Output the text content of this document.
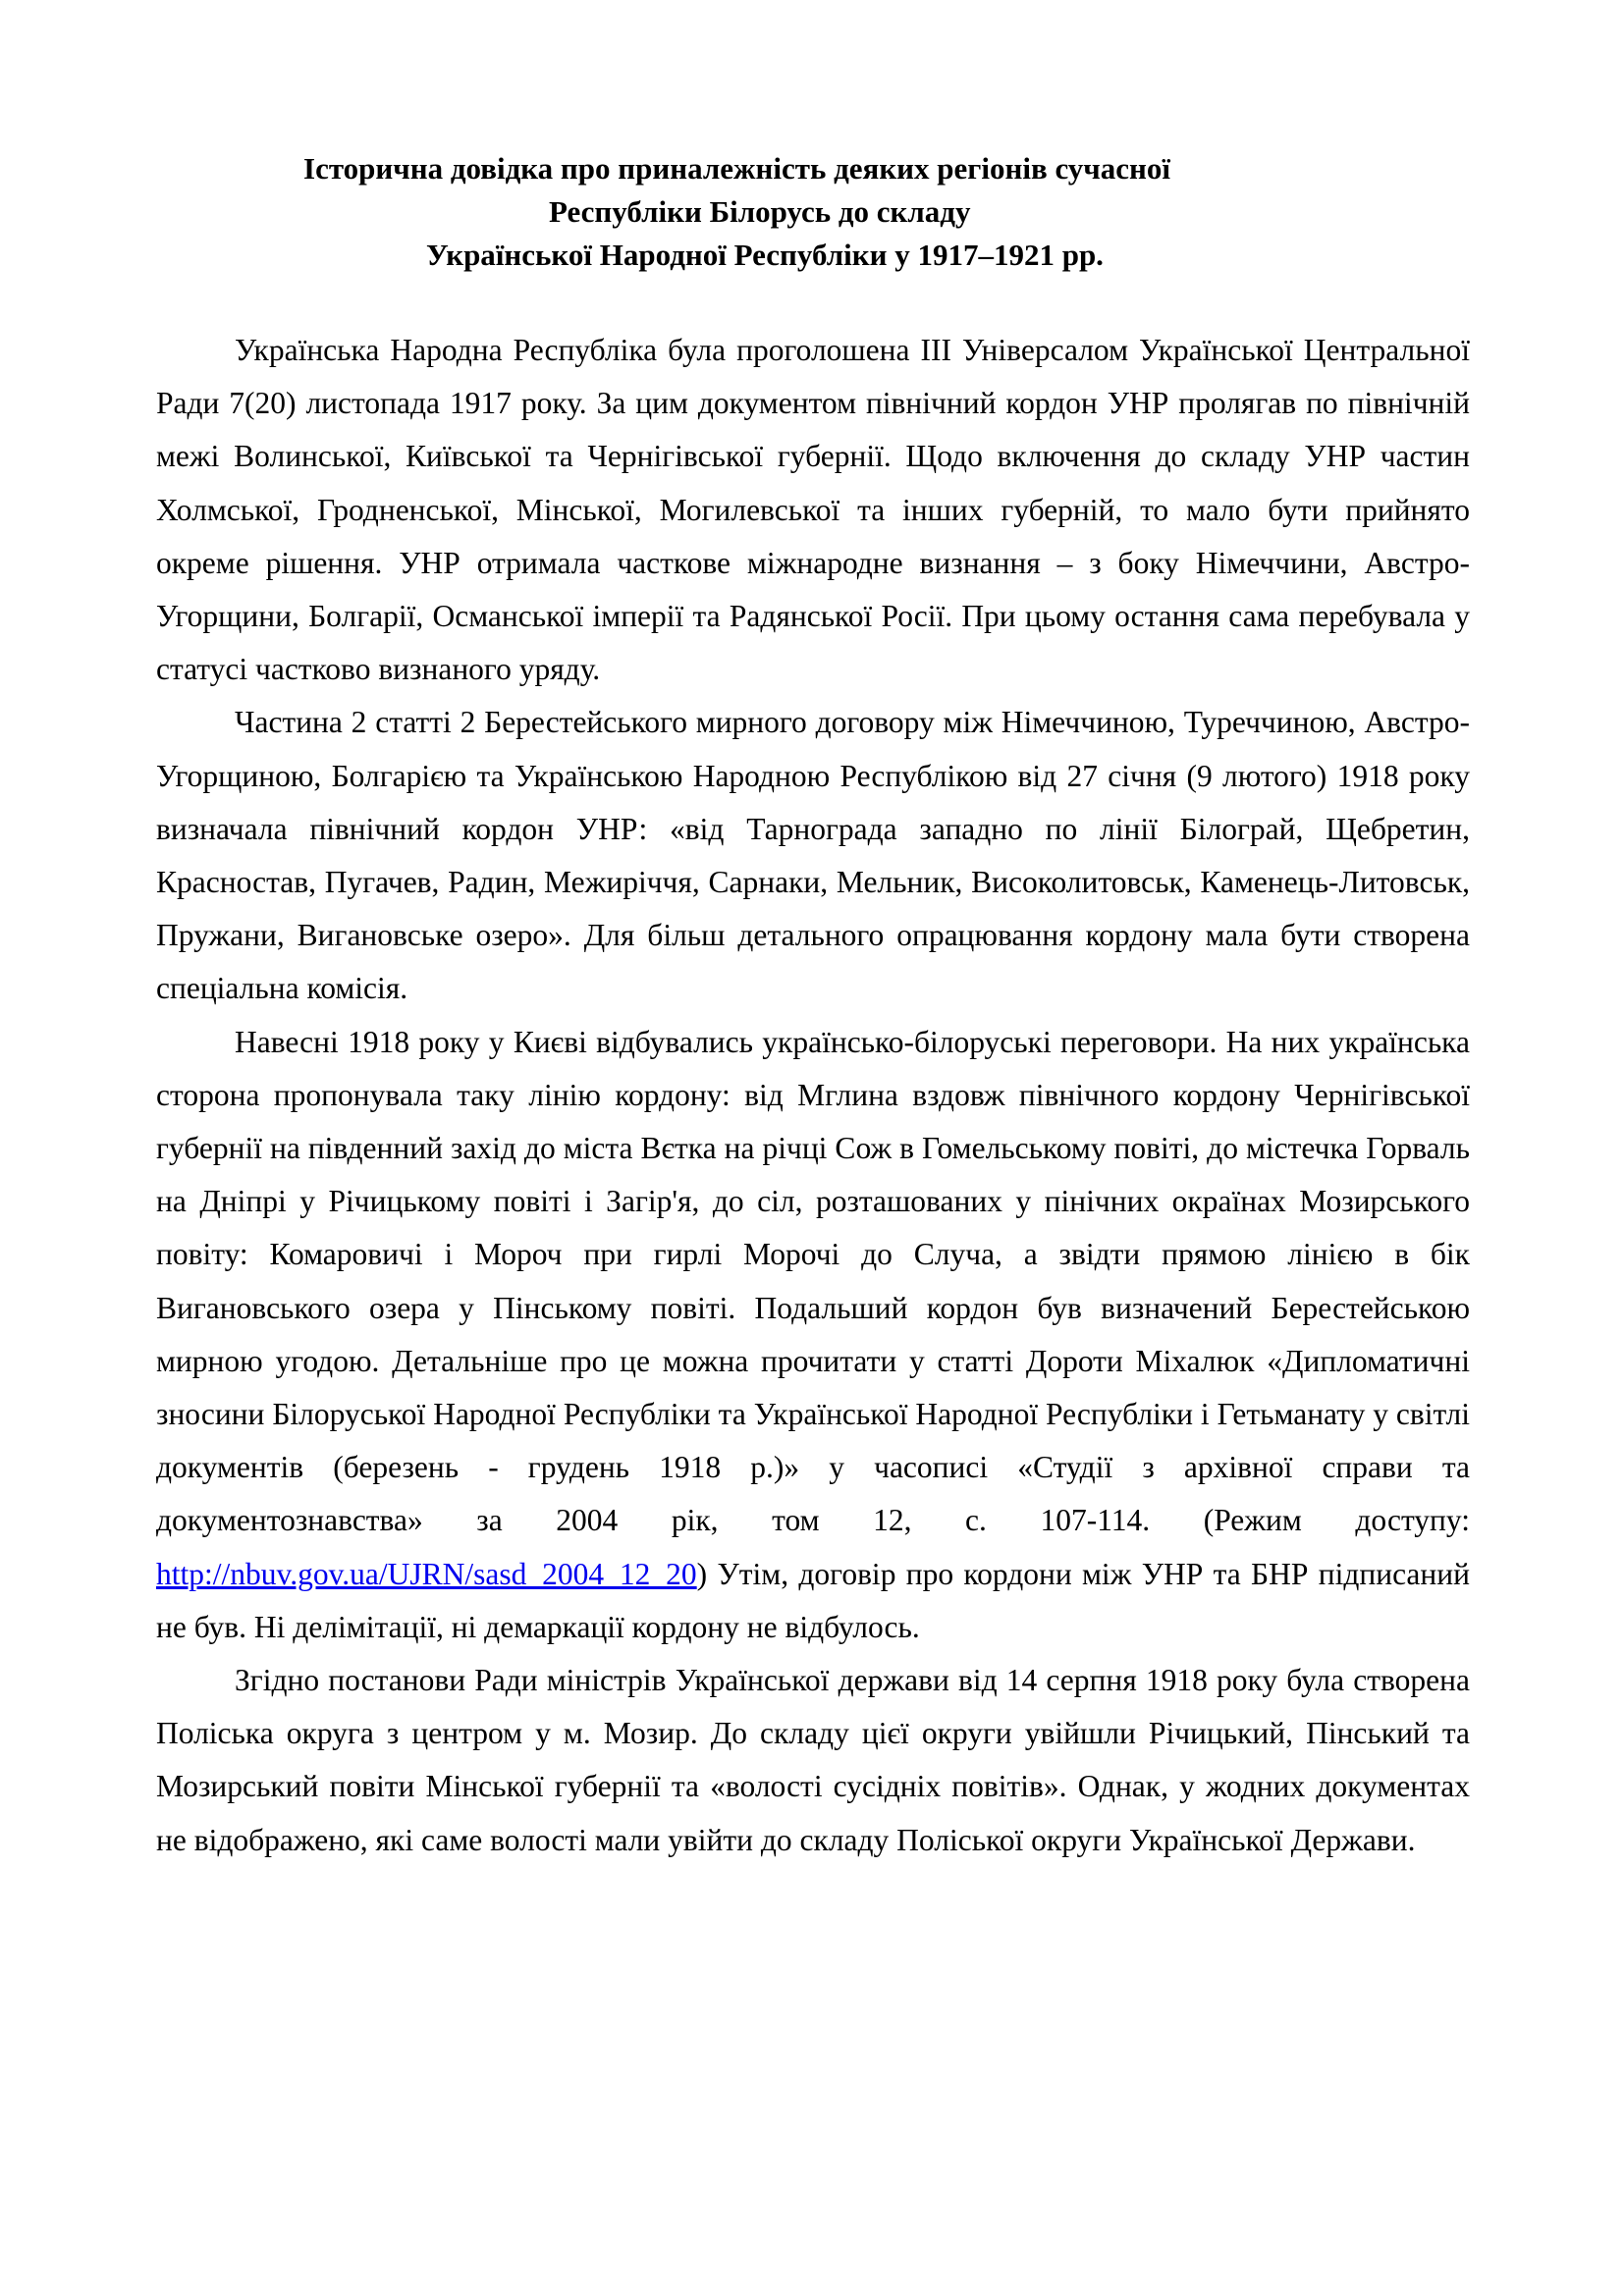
Історична довідка про приналежність деяких регіонів сучасної
Республіки Білорусь до складу
Української Народної Республіки у 1917–1921 рр.

Українська Народна Республіка була проголошена ІІІ Універсалом Української Центральної Ради 7(20) листопада 1917 року. За цим документом північний кордон УНР пролягав по північній межі Волинської, Київської та Чернігівської губернії. Щодо включення до складу УНР частин Холмської, Гродненської, Мінської, Могилевської та інших губерній, то мало бути прийнято окреме рішення. УНР отримала часткове міжнародне визнання – з боку Німеччини, Австро-Угорщини, Болгарії, Османської імперії та Радянської Росії. При цьому остання сама перебувала у статусі частково визнаного уряду.

Частина 2 статті 2 Берестейського мирного договору між Німеччиною, Туреччиною, Австро-Угорщиною, Болгарією та Українською Народною Республікою від 27 січня (9 лютого) 1918 року визначала північний кордон УНР: «від Тарнограда западно по лінії Білограй, Щебретин, Красностав, Пугачев, Радин, Межиріччя, Сарнаки, Мельник, Високолитовськ, Каменець-Литовськ, Пружани, Вигановське озеро». Для більш детального опрацювання кордону мала бути створена спеціальна комісія.

Навесні 1918 року у Києві відбувались українсько-білоруські переговори. На них українська сторона пропонувала таку лінію кордону: від Мглина вздовж північного кордону Чернігівської губернії на південний захід до міста Вєтка на річці Сож в Гомельському повіті, до містечка Горваль на Дніпрі у Річицькому повіті і Загір'я, до сіл, розташованих у пінічних окраїнах Мозирського повіту: Комаровичі і Мороч при гирлі Морочі до Случа, а звідти прямою лінією в бік Вигановського озера у Пінському повіті. Подальший кордон був визначений Берестейською мирною угодою. Детальніше про це можна прочитати у статті Дороти Міхалюк «Дипломатичні зносини Білоруської Народної Республіки та Української Народної Республіки і Гетьманату у світлі документів (березень - грудень 1918 р.)» у часописі «Студії з архівної справи та документознавства» за 2004 рік, том 12, с. 107-114. (Режим доступу: http://nbuv.gov.ua/UJRN/sasd_2004_12_20) Утім, договір про кордони між УНР та БНР підписаний не був. Ні делімітації, ні демаркації кордону не відбулось.

Згідно постанови Ради міністрів Української держави від 14 серпня 1918 року була створена Поліська округа з центром у м. Мозир. До складу цієї округи увійшли Річицький, Пінський та Мозирський повіти Мінської губернії та «волості сусідніх повітів». Однак, у жодних документах не відображено, які саме волості мали увійти до складу Поліської округи Української Держави.
